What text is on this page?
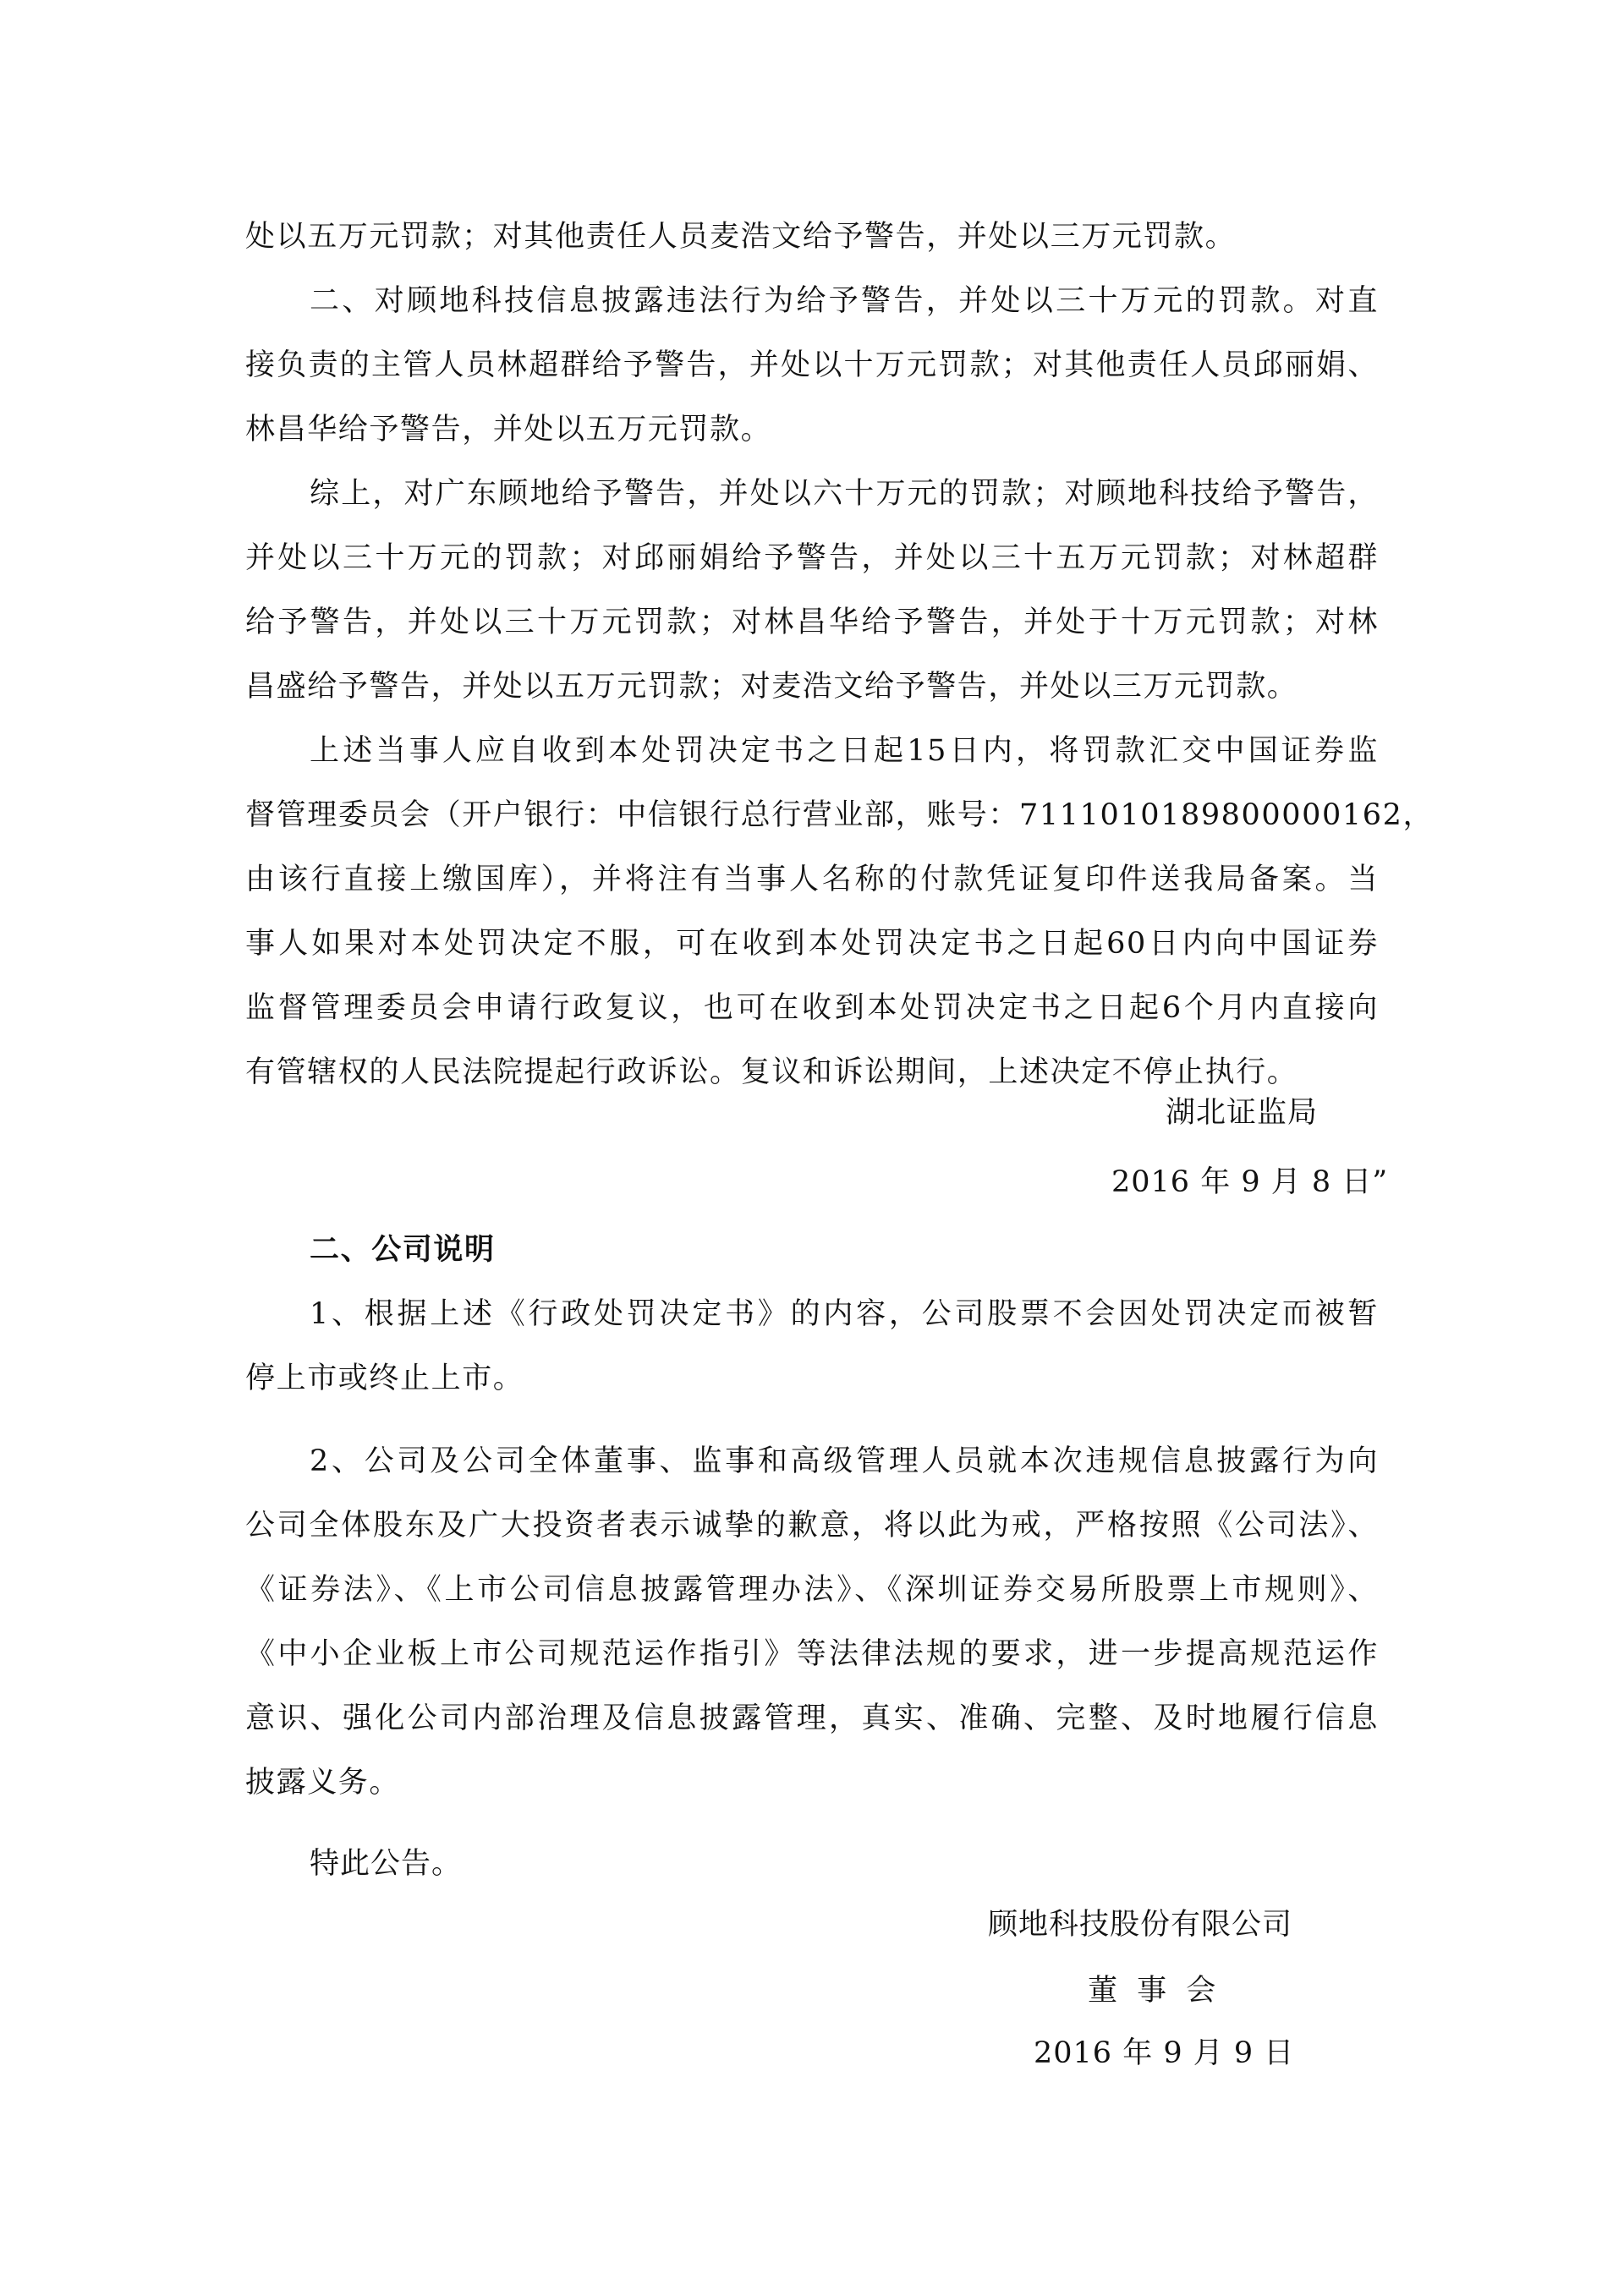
处以五万元罚款；对其他责任人员麦浩文给予警告，并处以三万元罚款。
二、对顾地科技信息披露违法行为给予警告，并处以三十万元的罚款。对直
接负责的主管人员林超群给予警告，并处以十万元罚款；对其他责任人员邱丽娟、
林昌华给予警告，并处以五万元罚款。
综上，对广东顾地给予警告，并处以六十万元的罚款；对顾地科技给予警告，
并处以三十万元的罚款；对邱丽娟给予警告，并处以三十五万元罚款；对林超群
给予警告，并处以三十万元罚款；对林昌华给予警告，并处于十万元罚款；对林
昌盛给予警告，并处以五万元罚款；对麦浩文给予警告，并处以三万元罚款。
上述当事人应自收到本处罚决定书之日起15日内，将罚款汇交中国证券监
督管理委员会（开户银行：中信银行总行营业部，账号：7111010189800000162，
由该行直接上缴国库），并将注有当事人名称的付款凭证复印件送我局备案。当
事人如果对本处罚决定不服，可在收到本处罚决定书之日起60日内向中国证券
监督管理委员会申请行政复议，也可在收到本处罚决定书之日起6个月内直接向
有管辖权的人民法院提起行政诉讼。复议和诉讼期间，上述决定不停止执行。
湖北证监局
2016 年 9 月 8 日”
二、公司说明
1、根据上述《行政处罚决定书》的内容，公司股票不会因处罚决定而被暂
停上市或终止上市。
2、公司及公司全体董事、监事和高级管理人员就本次违规信息披露行为向
公司全体股东及广大投资者表示诚挚的歉意，将以此为戒，严格按照《公司法》、
《证券法》、《上市公司信息披露管理办法》、《深圳证券交易所股票上市规则》、
《中小企业板上市公司规范运作指引》等法律法规的要求，进一步提高规范运作
意识、强化公司内部治理及信息披露管理，真实、准确、完整、及时地履行信息
披露义务。
特此公告。
顾地科技股份有限公司
董 事 会
2016 年 9 月 9 日
